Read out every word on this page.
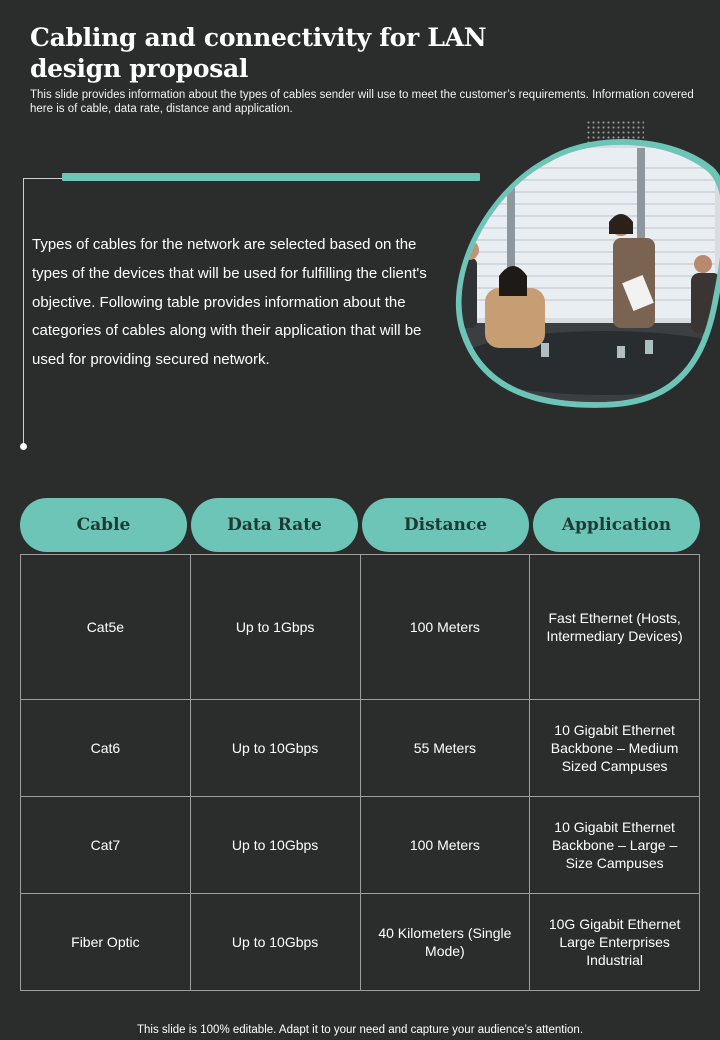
Cabling and connectivity for LAN design proposal

This slide provides information about the types of cables sender will use to meet the customer’s requirements. Information covered here is of cable, data rate, distance and application.

Types of cables for the network are selected based on the types of the devices that will be used for fulfilling the client's objective. Following table provides information about the categories of cables along with their application that will be used for providing secured network.

Cable	Data Rate	Distance	Application
Cat5e	Up to 1Gbps	100 Meters	Fast Ethernet (Hosts, Intermediary Devices)
Cat6	Up to 10Gbps	55 Meters	10 Gigabit Ethernet Backbone – Medium Sized Campuses
Cat7	Up to 10Gbps	100 Meters	10 Gigabit Ethernet Backbone – Large – Size Campuses
Fiber Optic	Up to 10Gbps	40 Kilometers (Single Mode)	10G Gigabit Ethernet Large Enterprises Industrial
This slide is 100% editable. Adapt it to your need and capture your audience’s attention.
